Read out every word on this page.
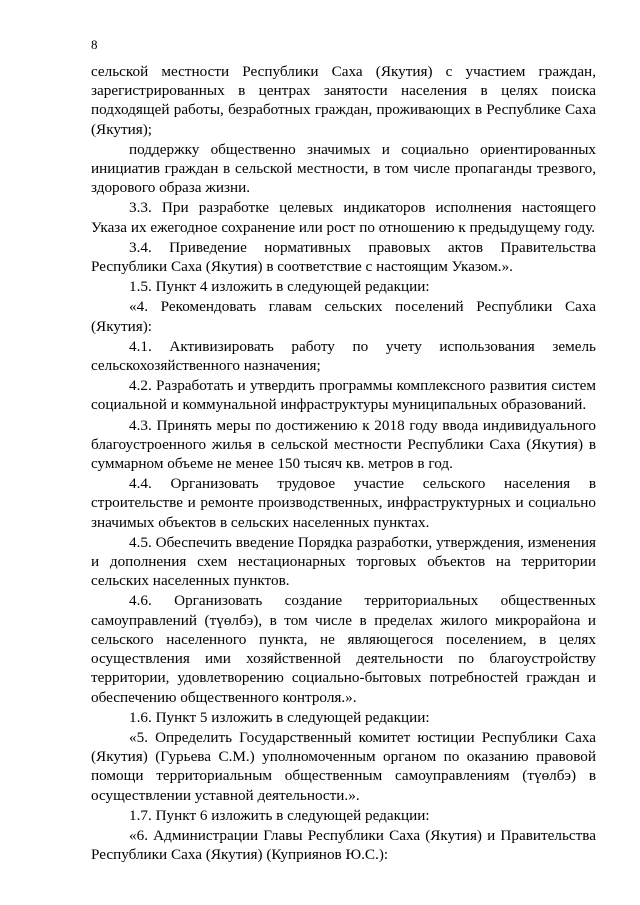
8

сельской местности Республики Саха (Якутия) с участием граждан, зарегистрированных в центрах занятости населения в целях поиска подходящей работы, безработных граждан, проживающих в Республике Саха (Якутия);

поддержку общественно значимых и социально ориентированных инициатив граждан в сельской местности, в том числе пропаганды трезвого, здорового образа жизни.

3.3. При разработке целевых индикаторов исполнения настоящего Указа их ежегодное сохранение или рост по отношению к предыдущему году.

3.4. Приведение нормативных правовых актов Правительства Республики Саха (Якутия) в соответствие с настоящим Указом.».

1.5. Пункт 4 изложить в следующей редакции:

«4. Рекомендовать главам сельских поселений Республики Саха (Якутия):

4.1. Активизировать работу по учету использования земель сельскохозяйственного назначения;

4.2. Разработать и утвердить программы комплексного развития систем социальной и коммунальной инфраструктуры муниципальных образований.

4.3. Принять меры по достижению к 2018 году ввода индивидуального благоустроенного жилья в сельской местности Республики Саха (Якутия) в суммарном объеме не менее 150 тысяч кв. метров в год.

4.4. Организовать трудовое участие сельского населения в строительстве и ремонте производственных, инфраструктурных и социально значимых объектов в сельских населенных пунктах.

4.5. Обеспечить введение Порядка разработки, утверждения, изменения и дополнения схем нестационарных торговых объектов на территории сельских населенных пунктов.

4.6. Организовать создание территориальных общественных самоуправлений (түөлбэ), в том числе в пределах жилого микрорайона и сельского населенного пункта, не являющегося поселением, в целях осуществления ими хозяйственной деятельности по благоустройству территории, удовлетворению социально-бытовых потребностей граждан и обеспечению общественного контроля.».

1.6. Пункт 5 изложить в следующей редакции:

«5. Определить Государственный комитет юстиции Республики Саха (Якутия) (Гурьева С.М.) уполномоченным органом по оказанию правовой помощи территориальным общественным самоуправлениям (түөлбэ) в осуществлении уставной деятельности.».

1.7. Пункт 6 изложить в следующей редакции:

«6. Администрации Главы Республики Саха (Якутия) и Правительства Республики Саха (Якутия) (Куприянов Ю.С.):
